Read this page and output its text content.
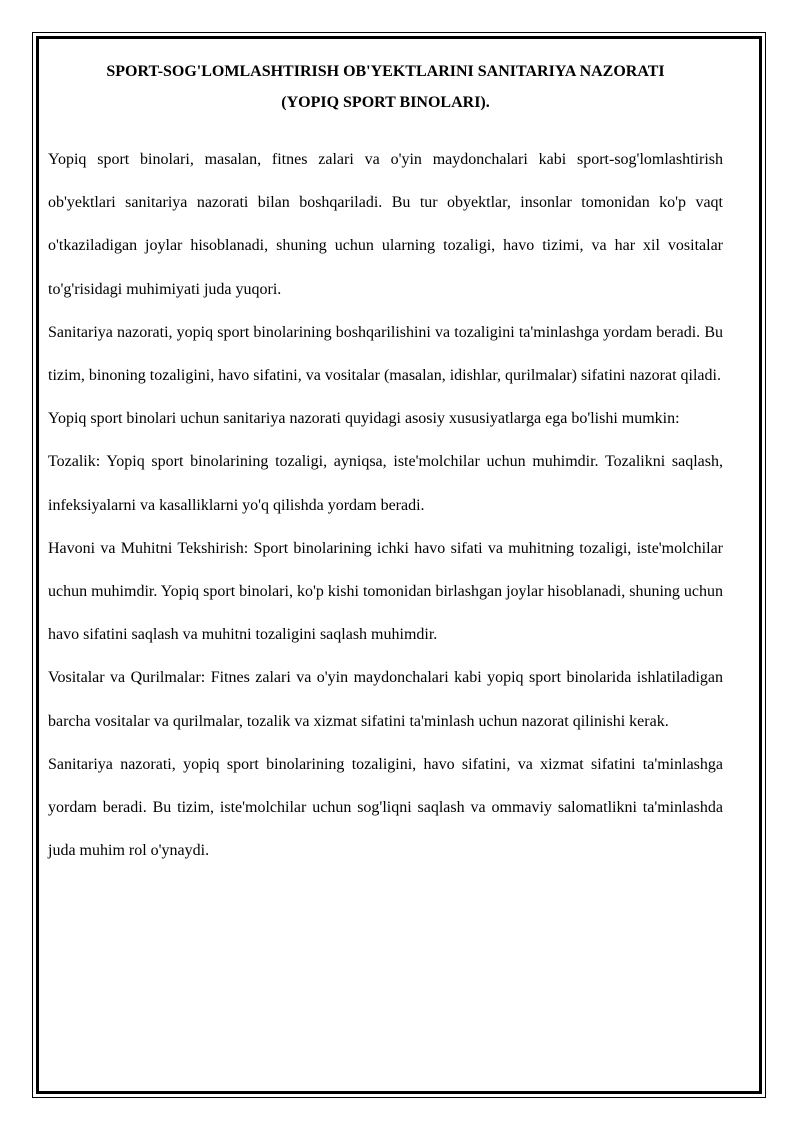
SPORT-SOG'LOMLASHTIRISH OB'YEKTLARINI SANITARIYA NAZORATI
(YOPIQ SPORT BINOLARI).

Yopiq sport binolari, masalan, fitnes zalari va o'yin maydonchalari kabi sport-sog'lomlashtirish ob'yektlari sanitariya nazorati bilan boshqariladi. Bu tur obyektlar, insonlar tomonidan ko'p vaqt o'tkaziladigan joylar hisoblanadi, shuning uchun ularning tozaligi, havo tizimi, va har xil vositalar to'g'risidagi muhimiyati juda yuqori.

Sanitariya nazorati, yopiq sport binolarining boshqarilishini va tozaligini ta'minlashga yordam beradi. Bu tizim, binoning tozaligini, havo sifatini, va vositalar (masalan, idishlar, qurilmalar) sifatini nazorat qiladi.

Yopiq sport binolari uchun sanitariya nazorati quyidagi asosiy xususiyatlarga ega bo'lishi mumkin:

Tozalik: Yopiq sport binolarining tozaligi, ayniqsa, iste'molchilar uchun muhimdir. Tozalikni saqlash, infeksiyalarni va kasalliklarni yo'q qilishda yordam beradi.

Havoni va Muhitni Tekshirish: Sport binolarining ichki havo sifati va muhitning tozaligi, iste'molchilar uchun muhimdir. Yopiq sport binolari, ko'p kishi tomonidan birlashgan joylar hisoblanadi, shuning uchun havo sifatini saqlash va muhitni tozaligini saqlash muhimdir.

Vositalar va Qurilmalar: Fitnes zalari va o'yin maydonchalari kabi yopiq sport binolarida ishlatiladigan barcha vositalar va qurilmalar, tozalik va xizmat sifatini ta'minlash uchun nazorat qilinishi kerak.

Sanitariya nazorati, yopiq sport binolarining tozaligini, havo sifatini, va xizmat sifatini ta'minlashga yordam beradi. Bu tizim, iste'molchilar uchun sog'liqni saqlash va ommaviy salomatlikni ta'minlashda juda muhim rol o'ynaydi.
